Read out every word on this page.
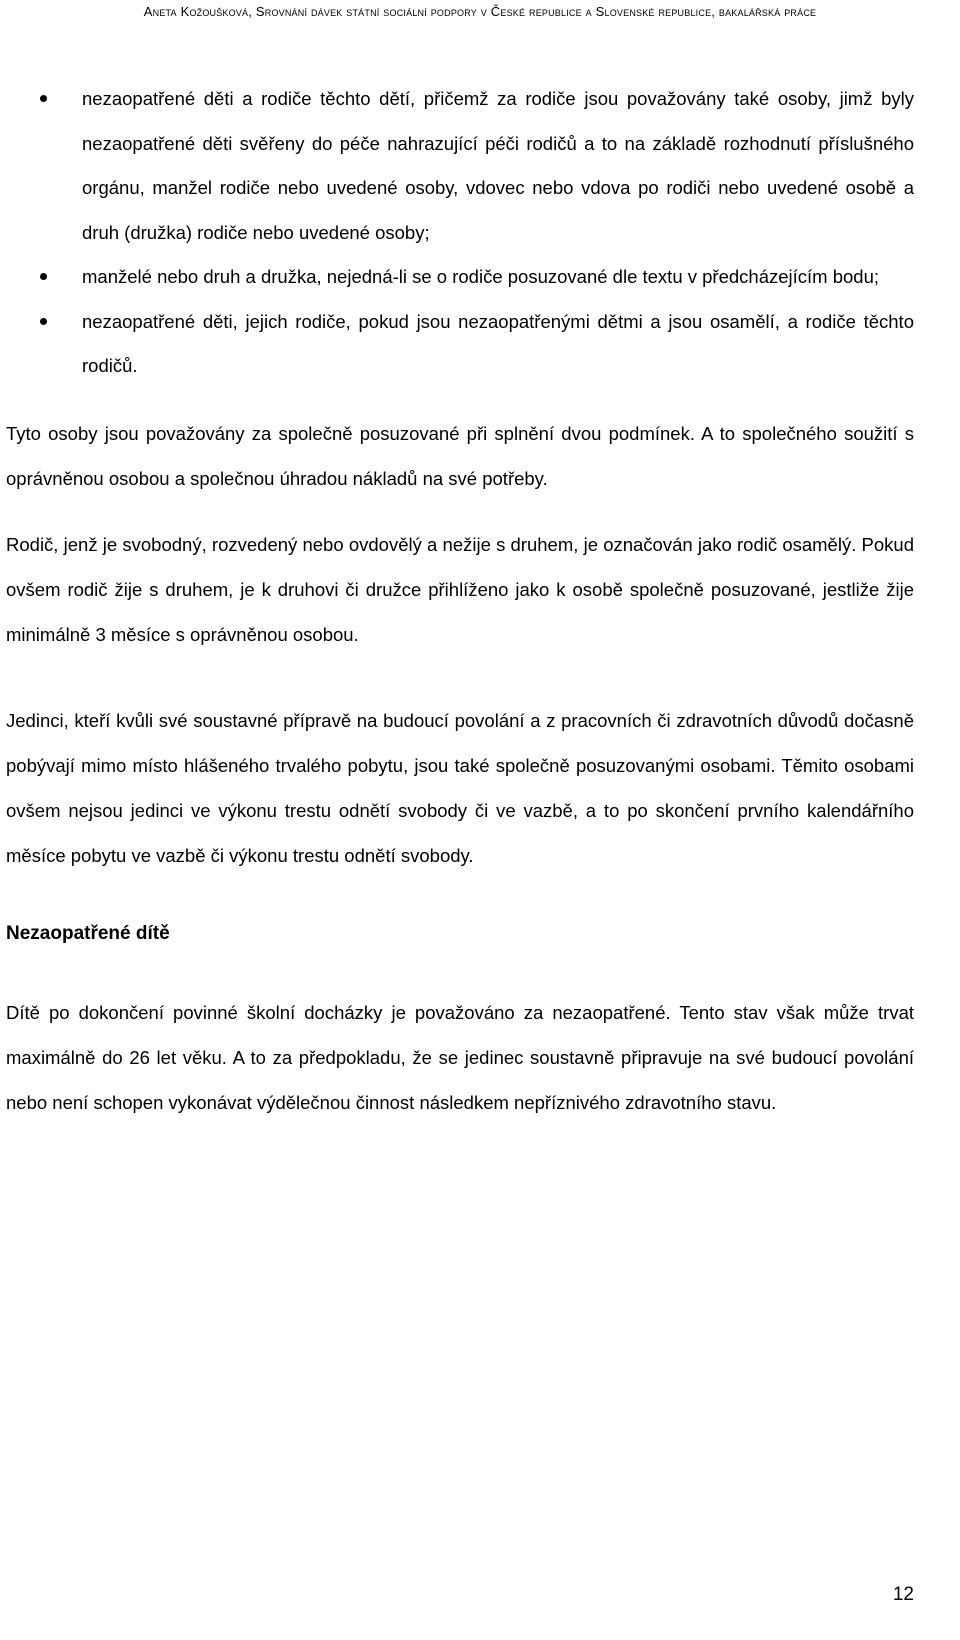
Aneta Kožoušková, Srovnání dávek státní sociální podpory v České republice a Slovenské republice, bakalářská práce
nezaopatřené děti a rodiče těchto dětí, přičemž za rodiče jsou považovány také osoby, jimž byly nezaopatřené děti svěřeny do péče nahrazující péči rodičů a to na základě rozhodnutí příslušného orgánu, manžel rodiče nebo uvedené osoby, vdovec nebo vdova po rodiči nebo uvedené osobě a druh (družka) rodiče nebo uvedené osoby;
manželé nebo druh a družka, nejedná-li se o rodiče posuzované dle textu v předcházejícím bodu;
nezaopatřené děti, jejich rodiče, pokud jsou nezaopatřenými dětmi a jsou osamělí, a rodiče těchto rodičů.

Tyto osoby jsou považovány za společně posuzované při splnění dvou podmínek. A to společného soužití s oprávněnou osobou a společnou úhradou nákladů na své potřeby.

Rodič, jenž je svobodný, rozvedený nebo ovdovělý a nežije s druhem, je označován jako rodič osamělý. Pokud ovšem rodič žije s druhem, je k druhovi či družce přihlíženo jako k osobě společně posuzované, jestliže žije minimálně 3 měsíce s oprávněnou osobou.

Jedinci, kteří kvůli své soustavné přípravě na budoucí povolání a z pracovních či zdravotních důvodů dočasně pobývají mimo místo hlášeného trvalého pobytu, jsou také společně posuzovanými osobami. Těmito osobami ovšem nejsou jedinci ve výkonu trestu odnětí svobody či ve vazbě, a to po skončení prvního kalendářního měsíce pobytu ve vazbě či výkonu trestu odnětí svobody.

Nezaopatřené dítě

Dítě po dokončení povinné školní docházky je považováno za nezaopatřené. Tento stav však může trvat maximálně do 26 let věku. A to za předpokladu, že se jedinec soustavně připravuje na své budoucí povolání nebo není schopen vykonávat výdělečnou činnost následkem nepříznivého zdravotního stavu.

12
